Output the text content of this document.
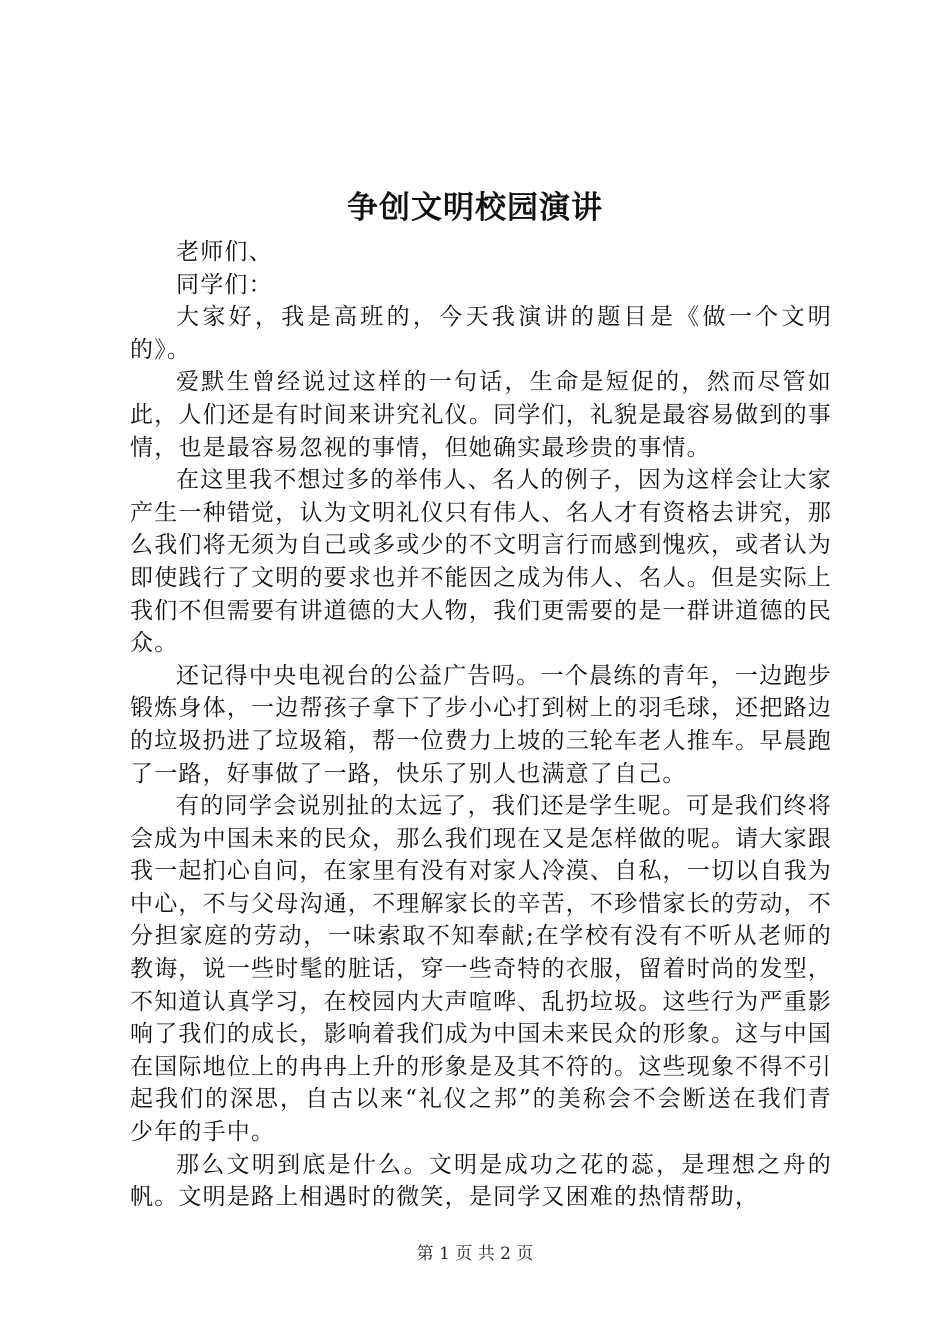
争创文明校园演讲

老师们、

同学们：

大家好，我是高班的，今天我演讲的题目是《做一个文明的》。

爱默生曾经说过这样的一句话，生命是短促的，然而尽管如此，人们还是有时间来讲究礼仪。同学们，礼貌是最容易做到的事情，也是最容易忽视的事情，但她确实最珍贵的事情。

在这里我不想过多的举伟人、名人的例子，因为这样会让大家产生一种错觉，认为文明礼仪只有伟人、名人才有资格去讲究，那么我们将无须为自己或多或少的不文明言行而感到愧疚，或者认为即使践行了文明的要求也并不能因之成为伟人、名人。但是实际上我们不但需要有讲道德的大人物，我们更需要的是一群讲道德的民众。

还记得中央电视台的公益广告吗。一个晨练的青年，一边跑步锻炼身体，一边帮孩子拿下了步小心打到树上的羽毛球，还把路边的垃圾扔进了垃圾箱，帮一位费力上坡的三轮车老人推车。早晨跑了一路，好事做了一路，快乐了别人也满意了自己。

有的同学会说别扯的太远了，我们还是学生呢。可是我们终将会成为中国未来的民众，那么我们现在又是怎样做的呢。请大家跟我一起扪心自问，在家里有没有对家人冷漠、自私，一切以自我为中心，不与父母沟通，不理解家长的辛苦，不珍惜家长的劳动，不分担家庭的劳动，一味索取不知奉献;在学校有没有不听从老师的教诲，说一些时髦的脏话，穿一些奇特的衣服，留着时尚的发型，不知道认真学习，在校园内大声喧哗、乱扔垃圾。这些行为严重影响了我们的成长，影响着我们成为中国未来民众的形象。这与中国在国际地位上的冉冉上升的形象是及其不符的。这些现象不得不引起我们的深思，自古以来“礼仪之邦”的美称会不会断送在我们青少年的手中。

那么文明到底是什么。文明是成功之花的蕊，是理想之舟的帆。文明是路上相遇时的微笑，是同学又困难的热情帮助，

第 1 页 共 2 页
